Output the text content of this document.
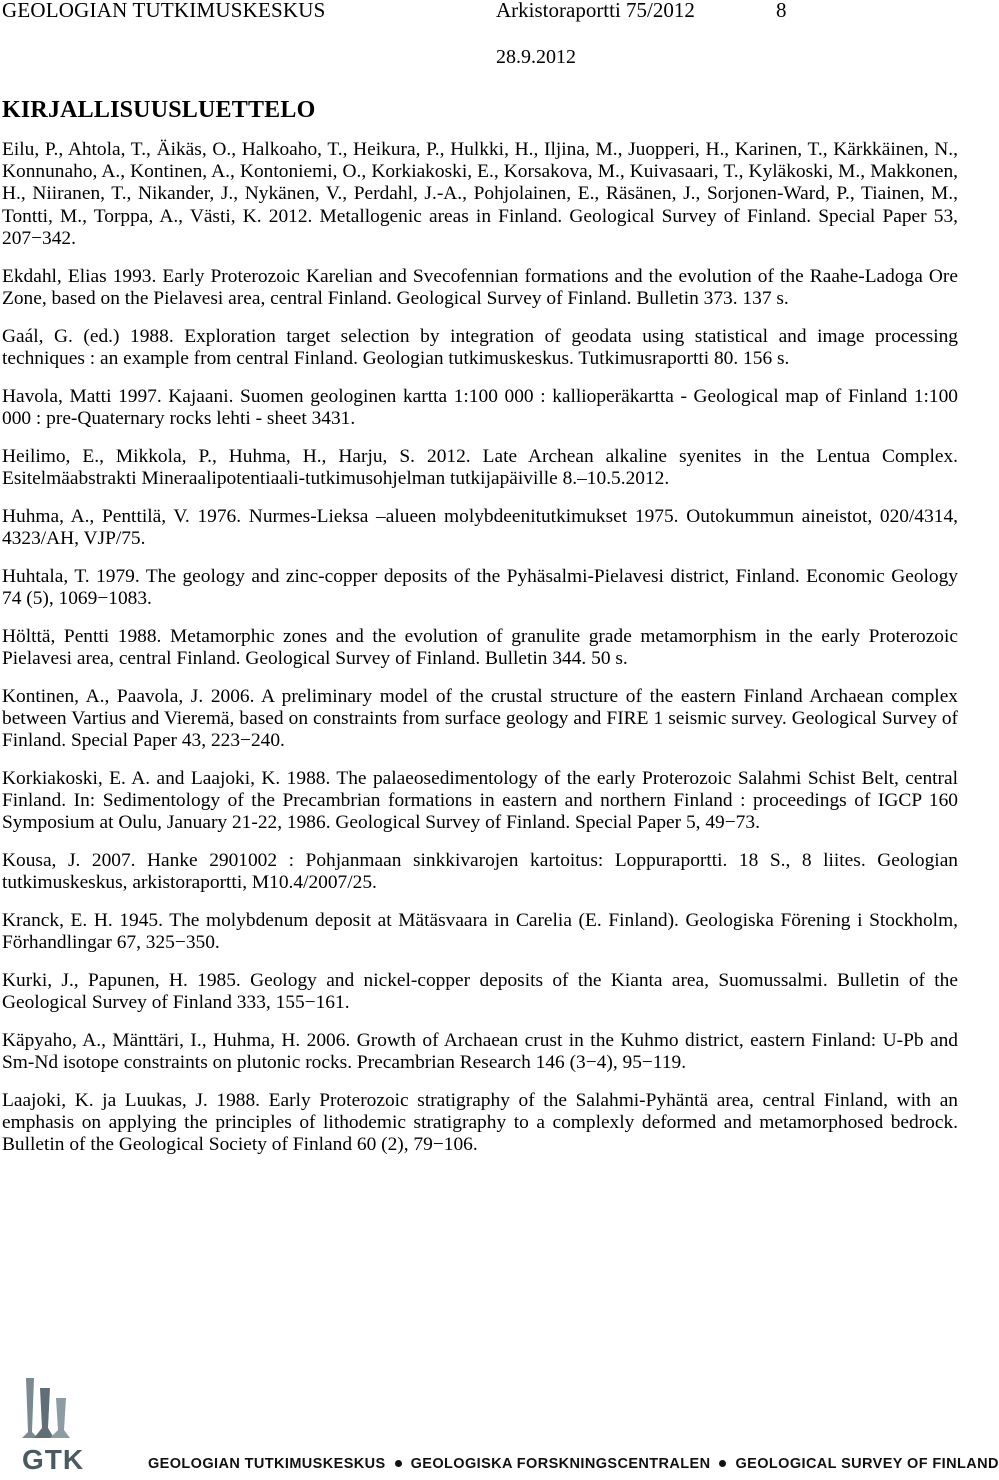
GEOLOGIAN TUTKIMUSKESKUS	Arkistoraportti 75/2012	8
28.9.2012
KIRJALLISUUSLUETTELO

Eilu, P., Ahtola, T., Äikäs, O., Halkoaho, T., Heikura, P., Hulkki, H., Iljina, M., Juopperi, H., Karinen, T., Kärkkäinen, N., Konnunaho, A., Kontinen, A., Kontoniemi, O., Korkiakoski, E., Korsakova, M., Kuivasaari, T., Kyläkoski, M., Makkonen, H., Niiranen, T., Nikander, J., Nykänen, V., Perdahl, J.-A., Pohjolainen, E., Räsänen, J., Sorjonen-Ward, P., Tiainen, M., Tontti, M., Torppa, A., Västi, K. 2012. Metallogenic areas in Finland. Geological Survey of Finland. Special Paper 53, 207−342.

Ekdahl, Elias 1993. Early Proterozoic Karelian and Svecofennian formations and the evolution of the Raahe-Ladoga Ore Zone, based on the Pielavesi area, central Finland. Geological Survey of Finland. Bulletin 373. 137 s.

Gaál, G. (ed.) 1988. Exploration target selection by integration of geodata using statistical and image processing techniques : an example from central Finland. Geologian tutkimuskeskus. Tutkimusraportti 80. 156 s.

Havola, Matti 1997. Kajaani. Suomen geologinen kartta 1:100 000 : kallioperäkartta - Geological map of Finland 1:100 000 : pre-Quaternary rocks lehti - sheet 3431.

Heilimo, E., Mikkola, P., Huhma, H., Harju, S. 2012. Late Archean alkaline syenites in the Lentua Complex. Esitelmäabstrakti Mineraalipotentiaali-tutkimusohjelman tutkijapäiville 8.–10.5.2012.

Huhma, A., Penttilä, V. 1976. Nurmes-Lieksa –alueen molybdeenitutkimukset 1975. Outokummun aineistot, 020/4314, 4323/AH, VJP/75.

Huhtala, T. 1979. The geology and zinc-copper deposits of the Pyhäsalmi-Pielavesi district, Finland. Economic Geology 74 (5), 1069−1083.

Hölttä, Pentti 1988. Metamorphic zones and the evolution of granulite grade metamorphism in the early Proterozoic Pielavesi area, central Finland. Geological Survey of Finland. Bulletin 344. 50 s.

Kontinen, A., Paavola, J. 2006. A preliminary model of the crustal structure of the eastern Finland Archaean complex between Vartius and Vieremä, based on constraints from surface geology and FIRE 1 seismic survey. Geological Survey of Finland. Special Paper 43, 223−240.

Korkiakoski, E. A. and Laajoki, K. 1988. The palaeosedimentology of the early Proterozoic Salahmi Schist Belt, central Finland. In: Sedimentology of the Precambrian formations in eastern and northern Finland : proceedings of IGCP 160 Symposium at Oulu, January 21-22, 1986. Geological Survey of Finland. Special Paper 5, 49−73.

Kousa, J. 2007. Hanke 2901002 : Pohjanmaan sinkkivarojen kartoitus: Loppuraportti. 18 S., 8 liites. Geologian tutkimuskeskus, arkistoraportti, M10.4/2007/25.

Kranck, E. H. 1945. The molybdenum deposit at Mätäsvaara in Carelia (E. Finland). Geologiska Förening i Stockholm, Förhandlingar 67, 325−350.

Kurki, J., Papunen, H. 1985. Geology and nickel-copper deposits of the Kianta area, Suomussalmi. Bulletin of the Geological Survey of Finland 333, 155−161.

Käpyaho, A., Mänttäri, I., Huhma, H. 2006. Growth of Archaean crust in the Kuhmo district, eastern Finland: U-Pb and Sm-Nd isotope constraints on plutonic rocks. Precambrian Research 146 (3−4), 95−119.

Laajoki, K. ja Luukas, J. 1988. Early Proterozoic stratigraphy of the Salahmi-Pyhäntä area, central Finland, with an emphasis on applying the principles of lithodemic stratigraphy to a complexly deformed and metamorphosed bedrock. Bulletin of the Geological Society of Finland 60 (2), 79−106.

GTK	GEOLOGIAN TUTKIMUSKESKUS GEOLOGISKA FORSKNINGSCENTRALEN GEOLOGICAL SURVEY OF FINLAND
